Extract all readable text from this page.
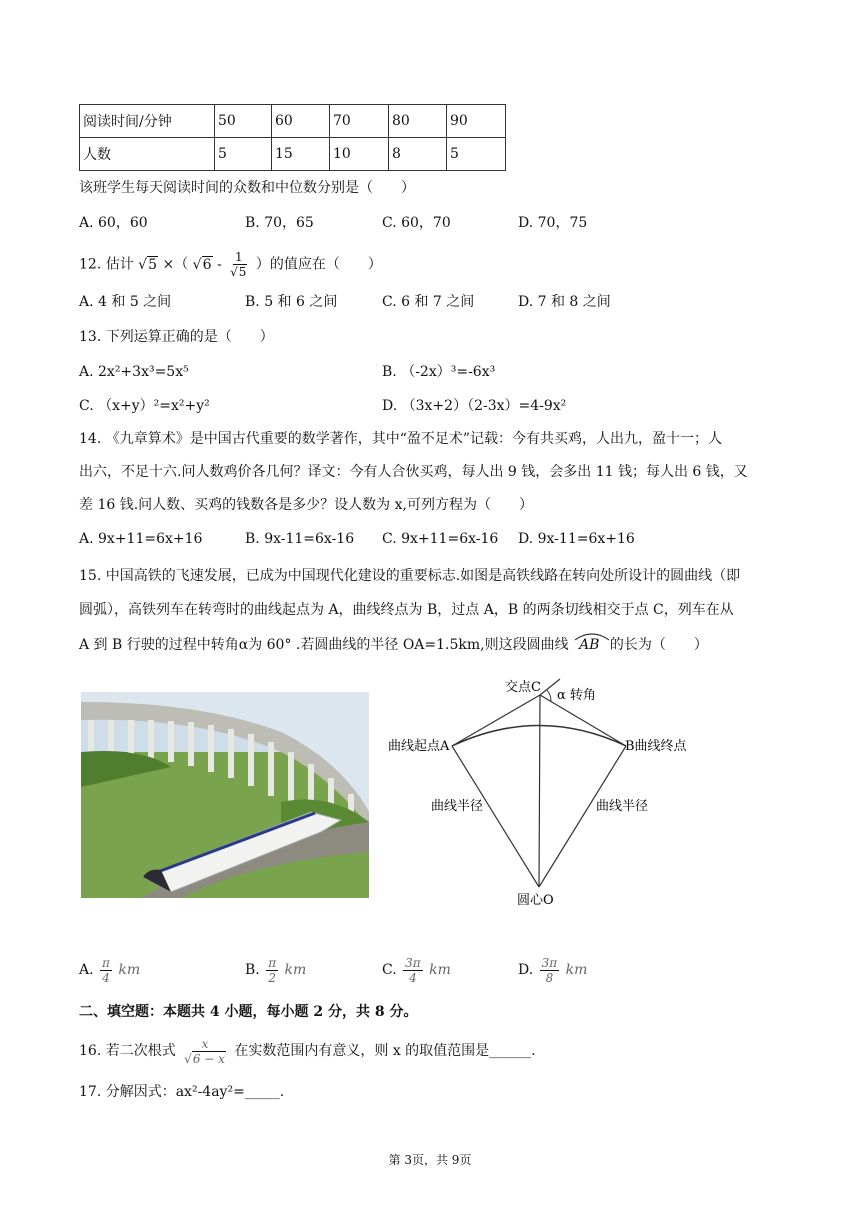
阅读时间/分钟	50	60	70	80	90
人数	5	15	10	8	5
该班学生每天阅读时间的众数和中位数分别是（　　）
A. 60，60	B. 70，65	C. 60，70	D. 70，75
12. 估计 √5 ×（ $√6 - \frac{1}{√5}$ ）的值应在（　　）
A. 4 和 5 之间	B. 5 和 6 之间	C. 6 和 7 之间	D. 7 和 8 之间
13. 下列运算正确的是（　　）
A. 2x²+3x³=5x⁵	B. （-2x）³=-6x³
C. （x+y）²=x²+y²	D. （3x+2）（2-3x）=4-9x²
14. 《九章算术》是中国古代重要的数学著作，其中“盈不足术”记载：今有共买鸡，人出九，盈十一；人
出六，不足十六.问人数鸡价各几何？译文：今有人合伙买鸡，每人出 9 钱，会多出 11 钱；每人出 6 钱，又
差 16 钱.问人数、买鸡的钱数各是多少？设人数为 x,可列方程为（　　）
A. 9x+11=6x+16	B. 9x-11=6x-16 C. 9x+11=6x-16 D. 9x-11=6x+16
15. 中国高铁的飞速发展，已成为中国现代化建设的重要标志.如图是高铁线路在转向处所设计的圆曲线（即
圆弧），高铁列车在转弯时的曲线起点为 A，曲线终点为 B，过点 A，B 的两条切线相交于点 C，列车在从
A 到 B 行驶的过程中转角α为 60° .若圆曲线的半径 OA=1.5km,则这段圆曲线 AB 的长为（　　）
交点C
α 转角
曲线起点A	B曲线终点
曲线半径	曲线半径
圆心O
A. $\frac{\pi}{4}$ km	B. $\frac{\pi}{2}$ km	C. $\frac{3\pi}{4}$ km	D. $\frac{3\pi}{8}$ km
二、填空题：本题共 4 小题，每小题 2 分，共 8 分。
16. 若二次根式 $\frac{x}{√6 - x}$ 在实数范围内有意义，则 x 的取值范围是______.
17. 分解因式：ax²-4ay²=_____.
第 3页，共 9页
